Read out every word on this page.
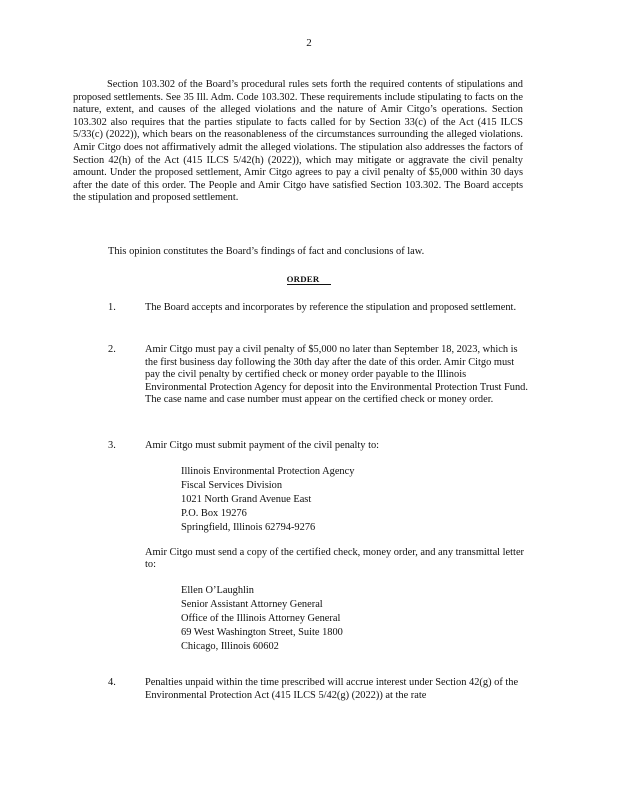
2
Section 103.302 of the Board’s procedural rules sets forth the required contents of stipulations and proposed settlements. See 35 Ill. Adm. Code 103.302. These requirements include stipulating to facts on the nature, extent, and causes of the alleged violations and the nature of Amir Citgo’s operations. Section 103.302 also requires that the parties stipulate to facts called for by Section 33(c) of the Act (415 ILCS 5/33(c) (2022)), which bears on the reasonableness of the circumstances surrounding the alleged violations. Amir Citgo does not affirmatively admit the alleged violations. The stipulation also addresses the factors of Section 42(h) of the Act (415 ILCS 5/42(h) (2022)), which may mitigate or aggravate the civil penalty amount. Under the proposed settlement, Amir Citgo agrees to pay a civil penalty of $5,000 within 30 days after the date of this order. The People and Amir Citgo have satisfied Section 103.302. The Board accepts the stipulation and proposed settlement.
This opinion constitutes the Board’s findings of fact and conclusions of law.
ORDER
1.	The Board accepts and incorporates by reference the stipulation and proposed settlement.
2.	Amir Citgo must pay a civil penalty of $5,000 no later than September 18, 2023, which is the first business day following the 30th day after the date of this order. Amir Citgo must pay the civil penalty by certified check or money order payable to the Illinois Environmental Protection Agency for deposit into the Environmental Protection Trust Fund. The case name and case number must appear on the certified check or money order.
3.	Amir Citgo must submit payment of the civil penalty to:

Illinois Environmental Protection Agency
Fiscal Services Division
1021 North Grand Avenue East
P.O. Box 19276
Springfield, Illinois 62794-9276

Amir Citgo must send a copy of the certified check, money order, and any transmittal letter to:

Ellen O’Laughlin
Senior Assistant Attorney General
Office of the Illinois Attorney General
69 West Washington Street, Suite 1800
Chicago, Illinois 60602
4.	Penalties unpaid within the time prescribed will accrue interest under Section 42(g) of the Environmental Protection Act (415 ILCS 5/42(g) (2022)) at the rate
